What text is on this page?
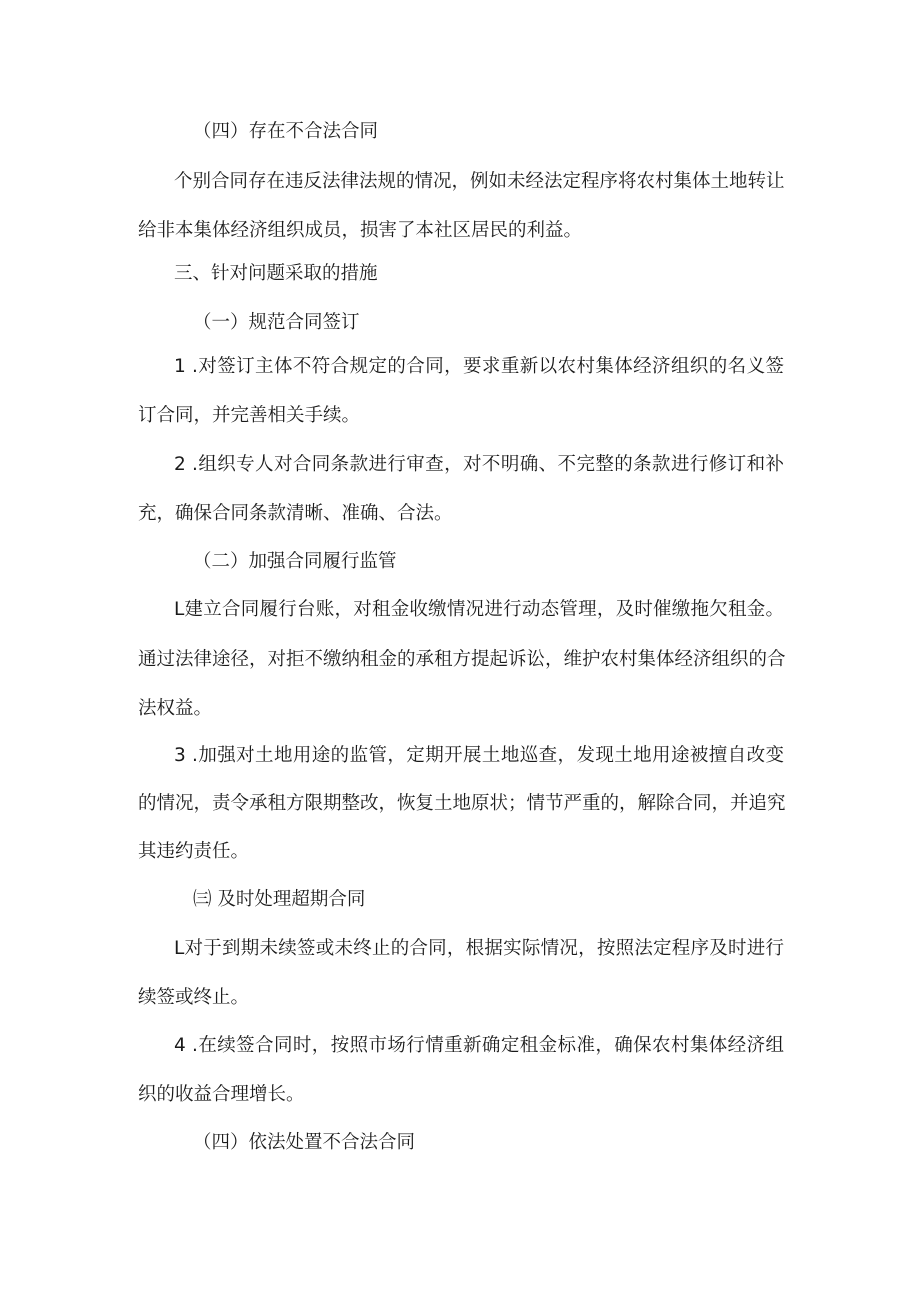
（四）存在不合法合同

个别合同存在违反法律法规的情况，例如未经法定程序将农村集体土地转让

给非本集体经济组织成员，损害了本社区居民的利益。

三、针对问题采取的措施

（一）规范合同签订

1 .对签订主体不符合规定的合同，要求重新以农村集体经济组织的名义签

订合同，并完善相关手续。

2 .组织专人对合同条款进行审查，对不明确、不完整的条款进行修订和补

充，确保合同条款清晰、准确、合法。

（二）加强合同履行监管

L建立合同履行台账，对租金收缴情况进行动态管理，及时催缴拖欠租金。

通过法律途径，对拒不缴纳租金的承租方提起诉讼，维护农村集体经济组织的合

法权益。

3 .加强对土地用途的监管，定期开展土地巡查，发现土地用途被擅自改变

的情况，责令承租方限期整改，恢复土地原状；情节严重的，解除合同，并追究

其违约责任。

㈢ 及时处理超期合同

L对于到期未续签或未终止的合同，根据实际情况，按照法定程序及时进行

续签或终止。

4 .在续签合同时，按照市场行情重新确定租金标准，确保农村集体经济组

织的收益合理增长。

（四）依法处置不合法合同
